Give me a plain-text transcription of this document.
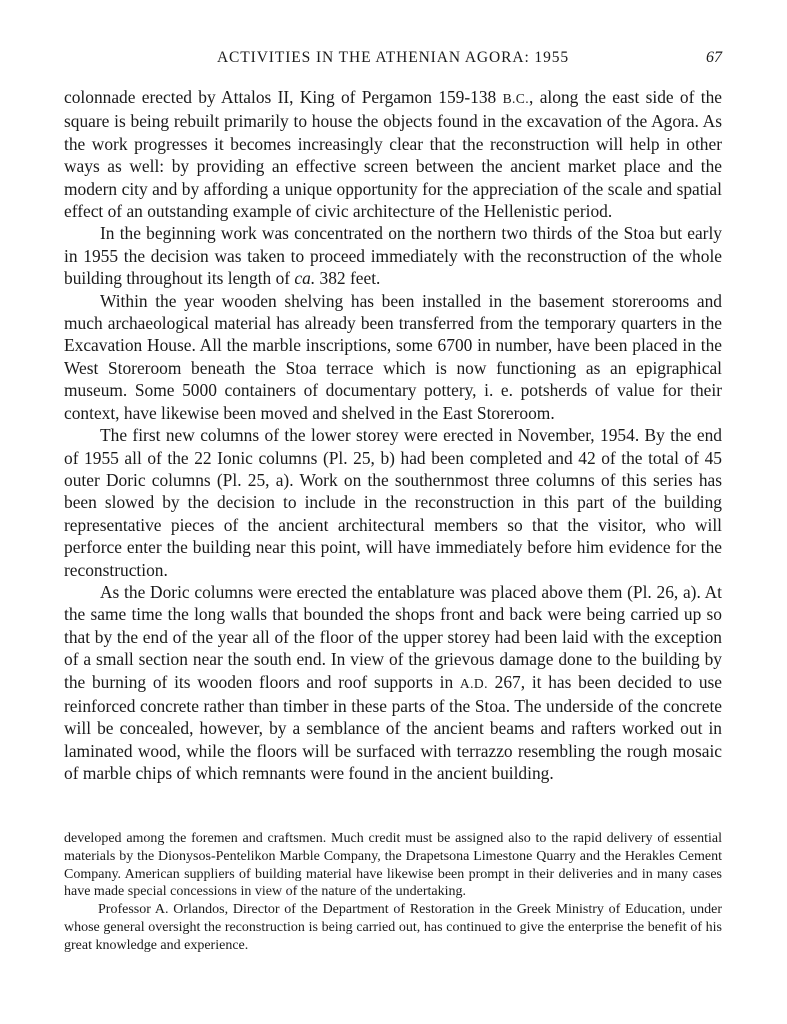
ACTIVITIES IN THE ATHENIAN AGORA: 1955	67

colonnade erected by Attalos II, King of Pergamon 159-138 B.C., along the east side of the square is being rebuilt primarily to house the objects found in the excavation of the Agora. As the work progresses it becomes increasingly clear that the reconstruction will help in other ways as well: by providing an effective screen between the ancient market place and the modern city and by affording a unique opportunity for the appreciation of the scale and spatial effect of an outstanding example of civic architecture of the Hellenistic period.

In the beginning work was concentrated on the northern two thirds of the Stoa but early in 1955 the decision was taken to proceed immediately with the reconstruction of the whole building throughout its length of ca. 382 feet.

Within the year wooden shelving has been installed in the basement storerooms and much archaeological material has already been transferred from the temporary quarters in the Excavation House. All the marble inscriptions, some 6700 in number, have been placed in the West Storeroom beneath the Stoa terrace which is now functioning as an epigraphical museum. Some 5000 containers of documentary pottery, i. e. potsherds of value for their context, have likewise been moved and shelved in the East Storeroom.

The first new columns of the lower storey were erected in November, 1954. By the end of 1955 all of the 22 Ionic columns (Pl. 25, b) had been completed and 42 of the total of 45 outer Doric columns (Pl. 25, a). Work on the southernmost three columns of this series has been slowed by the decision to include in the reconstruction in this part of the building representative pieces of the ancient architectural members so that the visitor, who will perforce enter the building near this point, will have immediately before him evidence for the reconstruction.

As the Doric columns were erected the entablature was placed above them (Pl. 26, a). At the same time the long walls that bounded the shops front and back were being carried up so that by the end of the year all of the floor of the upper storey had been laid with the exception of a small section near the south end. In view of the grievous damage done to the building by the burning of its wooden floors and roof supports in A.D. 267, it has been decided to use reinforced concrete rather than timber in these parts of the Stoa. The underside of the concrete will be concealed, however, by a semblance of the ancient beams and rafters worked out in laminated wood, while the floors will be surfaced with terrazzo resembling the rough mosaic of marble chips of which remnants were found in the ancient building.

developed among the foremen and craftsmen. Much credit must be assigned also to the rapid delivery of essential materials by the Dionysos-Pentelikon Marble Company, the Drapetsona Limestone Quarry and the Herakles Cement Company. American suppliers of building material have likewise been prompt in their deliveries and in many cases have made special concessions in view of the nature of the undertaking.

Professor A. Orlandos, Director of the Department of Restoration in the Greek Ministry of Education, under whose general oversight the reconstruction is being carried out, has continued to give the enterprise the benefit of his great knowledge and experience.
